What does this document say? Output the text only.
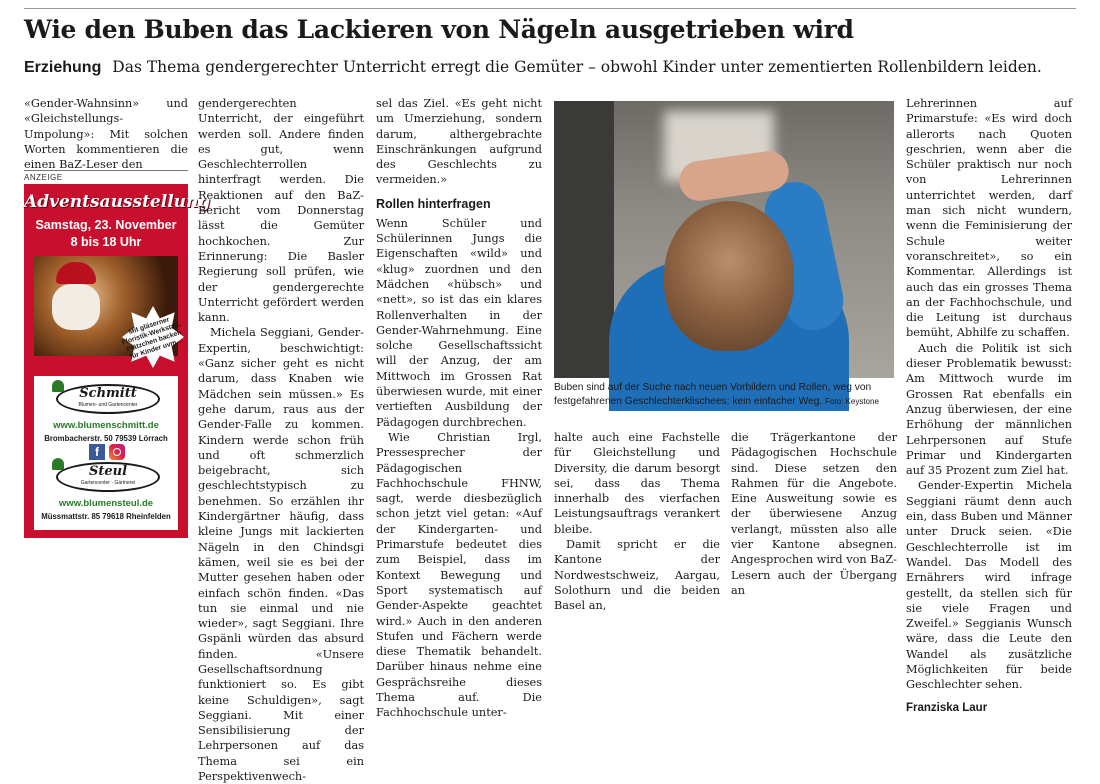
Wie den Buben das Lackieren von Nägeln ausgetrieben wird
Erziehung Das Thema gendergerechter Unterricht erregt die Gemüter – obwohl Kinder unter zementierten Rollenbildern leiden.

«Gender-Wahnsinn» und «Gleichstellungs-Umpolung»: Mit solchen Worten kommentieren die einen BaZ-Leser den

ANZEIGE
Adventsausstellung
Samstag, 23. November
8 bis 18 Uhr
Mit gläserner Floristik-Werkstatt. Plätzchen backen für Kinder uvm…
Schmitt
Blumen- und Gartencenter
www.blumenschmitt.de
Brombacherstr. 50 79539 Lörrach
f
Steul
Gartencenter · Gärtnerei
www.blumensteul.de
Müssmattstr. 85 79618 Rheinfelden

gendergerechten Unterricht, der eingeführt werden soll. Andere finden es gut, wenn Geschlechterrollen hinterfragt werden. Die Reaktionen auf den BaZ-Bericht vom Donnerstag lässt die Gemüter hochkochen. Zur Erinnerung: Die Basler Regierung soll prüfen, wie der gendergerechte Unterricht gefördert werden kann.

Michela Seggiani, Gender-Expertin, beschwichtigt: «Ganz sicher geht es nicht darum, dass Knaben wie Mädchen sein müssen.» Es gehe darum, raus aus der Gender-Falle zu kommen. Kindern werde schon früh und oft schmerzlich beigebracht, sich geschlechtstypisch zu benehmen. So erzählen ihr Kindergärtner häufig, dass kleine Jungs mit lackierten Nägeln in den Chindsgi kämen, weil sie es bei der Mutter gesehen haben oder einfach schön finden. «Das tun sie einmal und nie wieder», sagt Seggiani. Ihre Gspänli würden das absurd finden. «Unsere Gesellschaftsordnung funktioniert so. Es gibt keine Schuldigen», sagt Seggiani. Mit einer Sensibilisierung der Lehrpersonen auf das Thema sei ein Perspektivenwech-

sel das Ziel. «Es geht nicht um Umerziehung, sondern darum, althergebrachte Einschränkungen aufgrund des Geschlechts zu vermeiden.»

Rollen hinterfragen

Wenn Schüler und Schülerinnen Jungs die Eigenschaften «wild» und «klug» zuordnen und den Mädchen «hübsch» und «nett», so ist das ein klares Rollenverhalten in der Gender-Wahrnehmung. Eine solche Gesellschaftssicht will der Anzug, der am Mittwoch im Grossen Rat überwiesen wurde, mit einer vertieften Ausbildung der Pädagogen durchbrechen.

Wie Christian Irgl, Pressesprecher der Pädagogischen Fachhochschule FHNW, sagt, werde diesbezüglich schon jetzt viel getan: «Auf der Kindergarten- und Primarstufe bedeutet dies zum Beispiel, dass im Kontext Bewegung und Sport systematisch auf Gender-Aspekte geachtet wird.» Auch in den anderen Stufen und Fächern werde diese Thematik behandelt. Darüber hinaus nehme eine Gesprächsreihe dieses Thema auf. Die Fachhochschule unter-

Buben sind auf der Suche nach neuen Vorbildern und Rollen, weg von festgefahrenen Geschlechterklischees: kein einfacher Weg. Foto: Keystone

halte auch eine Fachstelle für Gleichstellung und Diversity, die darum besorgt sei, dass das Thema innerhalb des vierfachen Leistungsauftrags verankert bleibe.

Damit spricht er die Kantone der Nordwestschweiz, Aargau, Solothurn und die beiden Basel an,

die Trägerkantone der Pädagogischen Hochschule sind. Diese setzen den Rahmen für die Angebote. Eine Ausweitung sowie es der überwiesene Anzug verlangt, müssten also alle vier Kantone absegnen. Angesprochen wird von BaZ-Lesern auch der Übergang an

Lehrerinnen auf Primarstufe: «Es wird doch allerorts nach Quoten geschrien, wenn aber die Schüler praktisch nur noch von Lehrerinnen unterrichtet werden, darf man sich nicht wundern, wenn die Feminisierung der Schule weiter voranschreitet», so ein Kommentar. Allerdings ist auch das ein grosses Thema an der Fachhochschule, und die Leitung ist durchaus bemüht, Abhilfe zu schaffen.

Auch die Politik ist sich dieser Problematik bewusst: Am Mittwoch wurde im Grossen Rat ebenfalls ein Anzug überwiesen, der eine Erhöhung der männlichen Lehrpersonen auf Stufe Primar und Kindergarten auf 35 Prozent zum Ziel hat.

Gender-Expertin Michela Seggiani räumt denn auch ein, dass Buben und Männer unter Druck seien. «Die Geschlechterrolle ist im Wandel. Das Modell des Ernährers wird infrage gestellt, da stellen sich für sie viele Fragen und Zweifel.» Seggianis Wunsch wäre, dass die Leute den Wandel als zusätzliche Möglichkeiten für beide Geschlechter sehen.

Franziska Laur
